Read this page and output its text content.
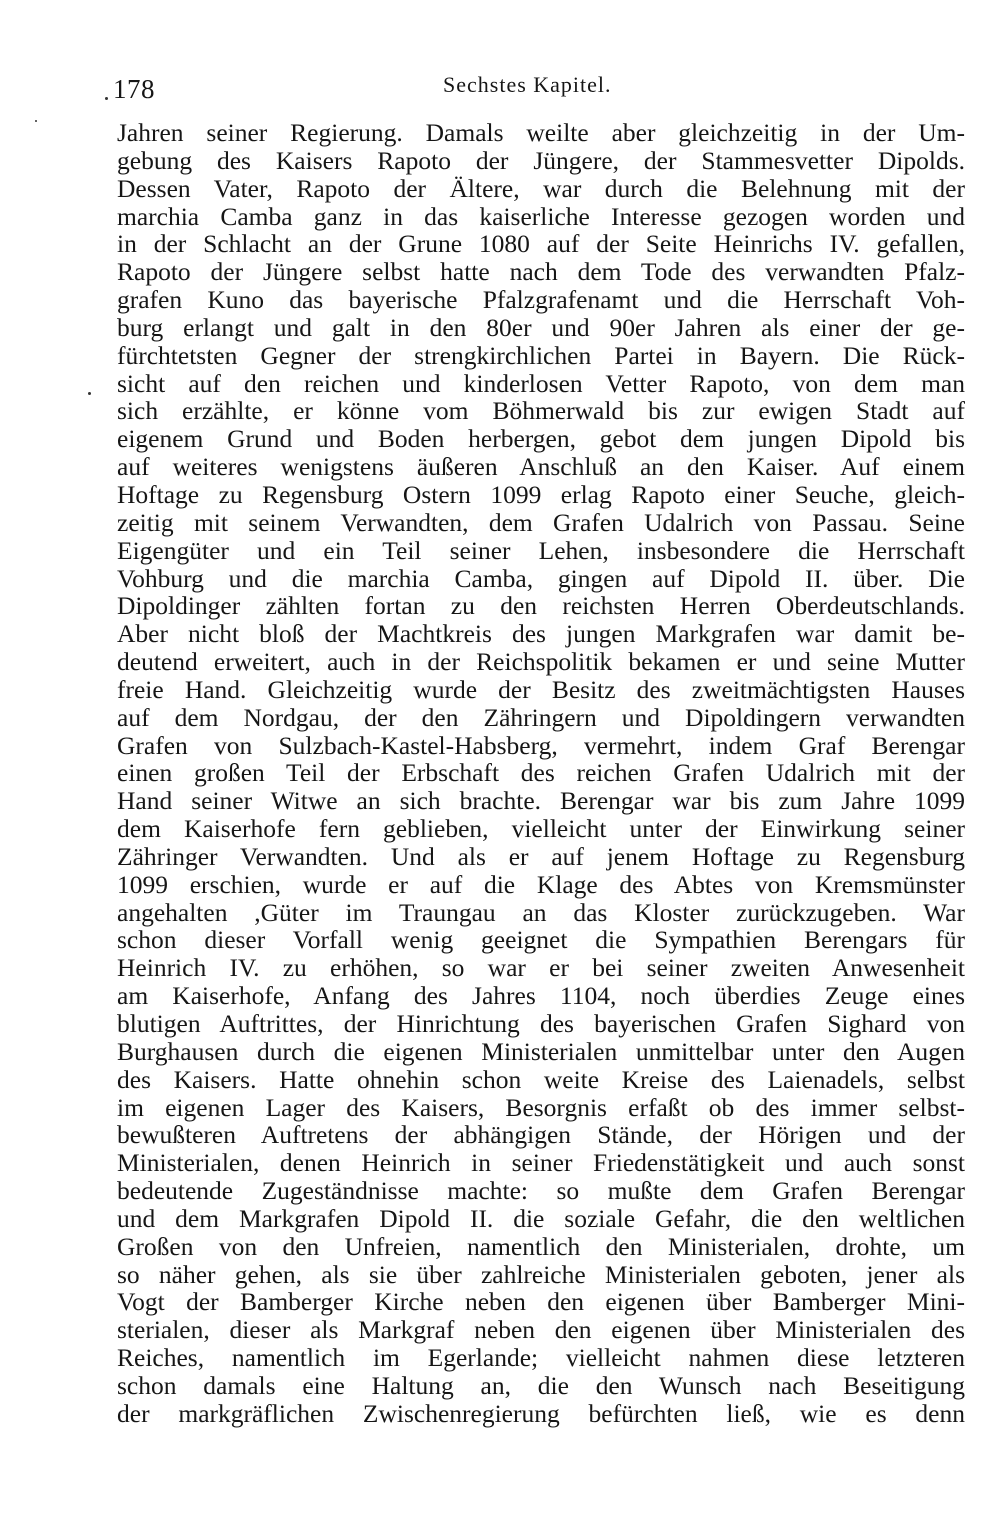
178	Sechstes Kapitel.
Jahren seiner Regierung. Damals weilte aber gleichzeitig in der Um-
gebung des Kaisers Rapoto der Jüngere, der Stammesvetter Dipolds.
Dessen Vater, Rapoto der Ältere, war durch die Belehnung mit der
marchia Camba ganz in das kaiserliche Interesse gezogen worden und
in der Schlacht an der Grune 1080 auf der Seite Heinrichs IV. gefallen,
Rapoto der Jüngere selbst hatte nach dem Tode des verwandten Pfalz-
grafen Kuno das bayerische Pfalzgrafenamt und die Herrschaft Voh-
burg erlangt und galt in den 80er und 90er Jahren als einer der ge-
fürchtetsten Gegner der strengkirchlichen Partei in Bayern. Die Rück-
sicht auf den reichen und kinderlosen Vetter Rapoto, von dem man
sich erzählte, er könne vom Böhmerwald bis zur ewigen Stadt auf
eigenem Grund und Boden herbergen, gebot dem jungen Dipold bis
auf weiteres wenigstens äußeren Anschluß an den Kaiser. Auf einem
Hoftage zu Regensburg Ostern 1099 erlag Rapoto einer Seuche, gleich-
zeitig mit seinem Verwandten, dem Grafen Udalrich von Passau. Seine
Eigengüter und ein Teil seiner Lehen, insbesondere die Herrschaft
Vohburg und die marchia Camba, gingen auf Dipold II. über. Die
Dipoldinger zählten fortan zu den reichsten Herren Oberdeutschlands.
Aber nicht bloß der Machtkreis des jungen Markgrafen war damit be-
deutend erweitert, auch in der Reichspolitik bekamen er und seine Mutter
freie Hand. Gleichzeitig wurde der Besitz des zweitmächtigsten Hauses
auf dem Nordgau, der den Zähringern und Dipoldingern verwandten
Grafen von Sulzbach-Kastel-Habsberg, vermehrt, indem Graf Berengar
einen großen Teil der Erbschaft des reichen Grafen Udalrich mit der
Hand seiner Witwe an sich brachte. Berengar war bis zum Jahre 1099
dem Kaiserhofe fern geblieben, vielleicht unter der Einwirkung seiner
Zähringer Verwandten. Und als er auf jenem Hoftage zu Regensburg
1099 erschien, wurde er auf die Klage des Abtes von Kremsmünster
angehalten ,Güter im Traungau an das Kloster zurückzugeben. War
schon dieser Vorfall wenig geeignet die Sympathien Berengars für
Heinrich IV. zu erhöhen, so war er bei seiner zweiten Anwesenheit
am Kaiserhofe, Anfang des Jahres 1104, noch überdies Zeuge eines
blutigen Auftrittes, der Hinrichtung des bayerischen Grafen Sighard von
Burghausen durch die eigenen Ministerialen unmittelbar unter den Augen
des Kaisers. Hatte ohnehin schon weite Kreise des Laienadels, selbst
im eigenen Lager des Kaisers, Besorgnis erfaßt ob des immer selbst-
bewußteren Auftretens der abhängigen Stände, der Hörigen und der
Ministerialen, denen Heinrich in seiner Friedenstätigkeit und auch sonst
bedeutende Zugeständnisse machte: so mußte dem Grafen Berengar
und dem Markgrafen Dipold II. die soziale Gefahr, die den weltlichen
Großen von den Unfreien, namentlich den Ministerialen, drohte, um
so näher gehen, als sie über zahlreiche Ministerialen geboten, jener als
Vogt der Bamberger Kirche neben den eigenen über Bamberger Mini-
sterialen, dieser als Markgraf neben den eigenen über Ministerialen des
Reiches, namentlich im Egerlande; vielleicht nahmen diese letzteren
schon damals eine Haltung an, die den Wunsch nach Beseitigung
der markgräflichen Zwischenregierung befürchten ließ, wie es denn
